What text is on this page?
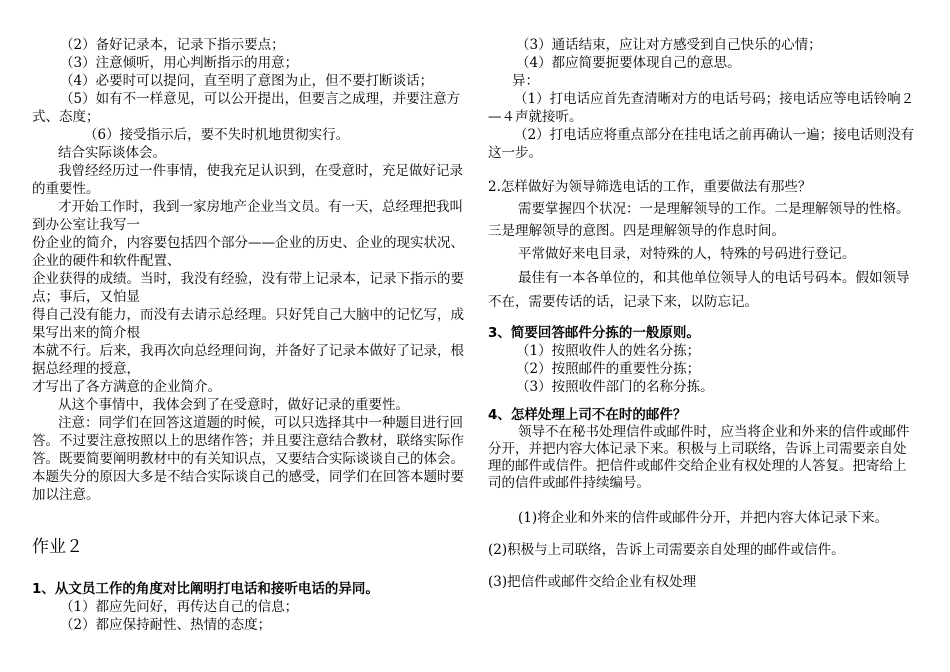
（2）备好记录本，记录下指示要点；

（3）注意倾听，用心判断指示的用意；

（4）必要时可以提问，直至明了意图为止，但不要打断谈话；

（5）如有不一样意见，可以公开提出，但要言之成理，并要注意方式、态度；

（6）接受指示后，要不失时机地贯彻实行。

结合实际谈体会。

我曾经经历过一件事情，使我充足认识到，在受意时，充足做好记录的重要性。

才开始工作时，我到一家房地产企业当文员。有一天，总经理把我叫到办公室让我写一

份企业的简介，内容要包括四个部分——企业的历史、企业的现实状况、企业的硬件和软件配置、

企业获得的成绩。当时，我没有经验，没有带上记录本，记录下指示的要点；事后，又怕显

得自己没有能力，而没有去请示总经理。只好凭自己大脑中的记忆写，成果写出来的简介根

本就不行。后来，我再次向总经理问询，并备好了记录本做好了记录，根据总经理的授意，

才写出了各方满意的企业简介。

从这个事情中，我体会到了在受意时，做好记录的重要性。

注意：同学们在回答这道题的时候，可以只选择其中一种题目进行回答。不过要注意按照以上的思绪作答；并且要注意结合教材，联络实际作答。既要简要阐明教材中的有关知识点，又要结合实际谈谈自己的体会。本题失分的原因大多是不结合实际谈自己的感受，同学们在回答本题时要加以注意。

作业２

1、从文员工作的角度对比阐明打电话和接听电话的异同。

（1）都应先问好，再传达自己的信息；

（2）都应保持耐性、热情的态度；

（3）通话结束，应让对方感受到自己快乐的心情；

（4）都应简要扼要体现自己的意思。

异：

（1）打电话应首先查清晰对方的电话号码；接电话应等电话铃响２—４声就接听。

（2）打电话应将重点部分在挂电话之前再确认一遍；接电话则没有这一步。

2.怎样做好为领导筛选电话的工作，重要做法有那些？

需要掌握四个状况：一是理解领导的工作。二是理解领导的性格。三是理解领导的意图。四是理解领导的作息时间。

平常做好来电目录，对特殊的人，特殊的号码进行登记。

最佳有一本各单位的，和其他单位领导人的电话号码本。假如领导不在，需要传话的话，记录下来，以防忘记。

3、简要回答邮件分拣的一般原则。

（1）按照收件人的姓名分拣；

（2）按照邮件的重要性分拣；

（3）按照收件部门的名称分拣。

4、怎样处理上司不在时的邮件？

领导不在秘书处理信件或邮件时，应当将企业和外来的信件或邮件分开，并把内容大体记录下来。积极与上司联络，告诉上司需要亲自处理的邮件或信件。把信件或邮件交给企业有权处理的人答复。把寄给上司的信件或邮件持续编号。

(1)将企业和外来的信件或邮件分开，并把内容大体记录下来。　　　(2)积极与上司联络，告诉上司需要亲自处理的邮件或信件。　　　　　(3)把信件或邮件交给企业有权处理
